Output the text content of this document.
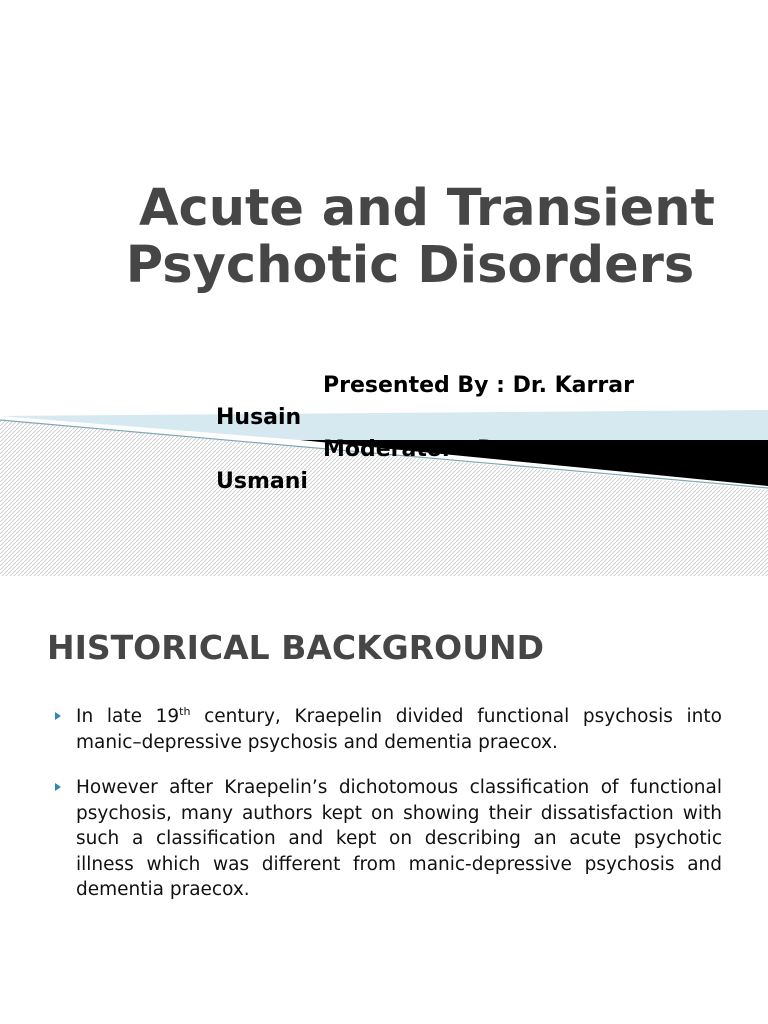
Acute and Transient
Psychotic Disorders
Presented By : Dr. Karrar
Husain
Moderator : Dr. ...
Usmani
HISTORICAL BACKGROUND
In late 19th century, Kraepelin divided functional psychosis into manic–depressive psychosis and dementia praecox.
However after Kraepelin’s dichotomous classification of functional psychosis, many authors kept on showing their dissatisfaction with such a classification and kept on describing an acute psychotic illness which was different from manic-depressive psychosis and dementia praecox.
